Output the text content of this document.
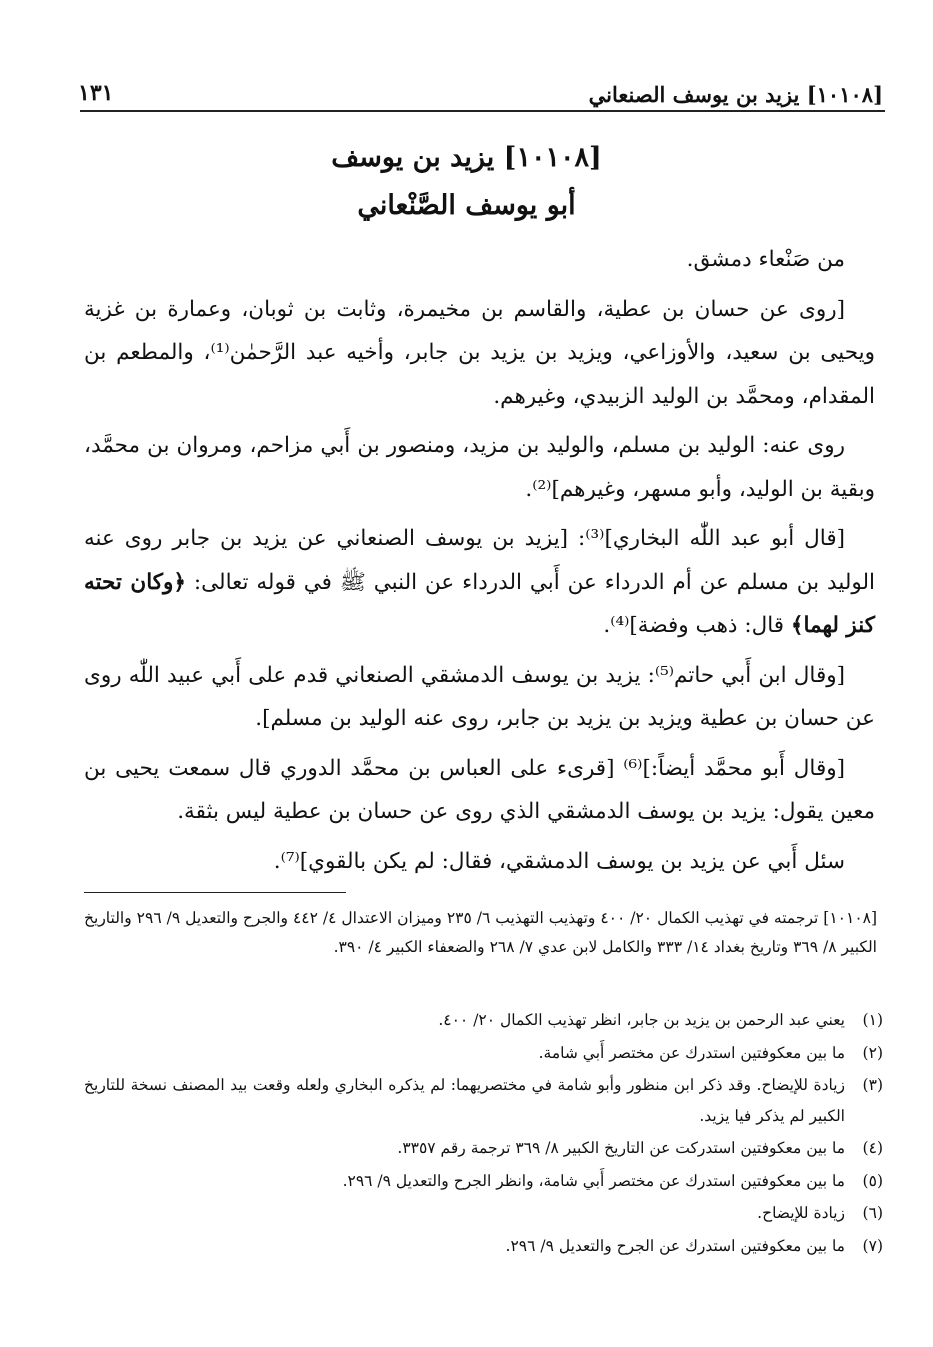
[١٠١٠٨] يزيد بن يوسف الصنعاني
١٣١
[١٠١٠٨] يزيد بن يوسف
أبو يوسف الصَّنْعاني

من صَنْعاء دمشق.

[روى عن حسان بن عطية، والقاسم بن مخيمرة، وثابت بن ثوبان، وعمارة بن غزية ويحيى بن سعيد، والأوزاعي، ويزيد بن يزيد بن جابر، وأخيه عبد الرَّحمٰن⁽¹⁾، والمطعم بن المقدام، ومحمَّد بن الوليد الزبيدي، وغيرهم.

روى عنه: الوليد بن مسلم، والوليد بن مزيد، ومنصور بن أَبي مزاحم، ومروان بن محمَّد، وبقية بن الوليد، وأبو مسهر، وغيرهم]⁽²⁾.

[قال أبو عبد اللّٰه البخاري]⁽³⁾: [يزيد بن يوسف الصنعاني عن يزيد بن جابر روى عنه الوليد بن مسلم عن أم الدرداء عن أَبي الدرداء عن النبي ﷺ في قوله تعالى: ﴿وكان تحته كنز لهما﴾ قال: ذهب وفضة]⁽⁴⁾.

[وقال ابن أَبي حاتم⁽⁵⁾: يزيد بن يوسف الدمشقي الصنعاني قدم على أَبي عبيد اللّٰه روى عن حسان بن عطية ويزيد بن يزيد بن جابر، روى عنه الوليد بن مسلم].

[وقال أَبو محمَّد أيضاً:]⁽⁶⁾ [قرىء على العباس بن محمَّد الدوري قال سمعت يحيى بن معين يقول: يزيد بن يوسف الدمشقي الذي روى عن حسان بن عطية ليس بثقة.

سئل أَبي عن يزيد بن يوسف الدمشقي، فقال: لم يكن بالقوي]⁽⁷⁾.

[١٠١٠٨] ترجمته في تهذيب الكمال ٢٠/ ٤٠٠ وتهذيب التهذيب ٦/ ٢٣٥ وميزان الاعتدال ٤/ ٤٤٢ والجرح والتعديل ٩/ ٢٩٦ والتاريخ الكبير ٨/ ٣٦٩ وتاريخ بغداد ١٤/ ٣٣٣ والكامل لابن عدي ٧/ ٢٦٨ والضعفاء الكبير ٤/ ٣٩٠.
(١)
يعني عبد الرحمن بن يزيد بن جابر، انظر تهذيب الكمال ٢٠/ ٤٠٠.
(٢)
ما بين معكوفتين استدرك عن مختصر أَبي شامة.
(٣)
زيادة للإيضاح. وقد ذكر ابن منظور وأبو شامة في مختصريهما: لم يذكره البخاري ولعله وقعت بيد المصنف نسخة للتاريخ الكبير لم يذكر فيا يزيد.
(٤)
ما بين معكوفتين استدركت عن التاريخ الكبير ٨/ ٣٦٩ ترجمة رقم ٣٣٥٧.
(٥)
ما بين معكوفتين استدرك عن مختصر أَبي شامة، وانظر الجرح والتعديل ٩/ ٢٩٦.
(٦)
زيادة للإيضاح.
(٧)
ما بين معكوفتين استدرك عن الجرح والتعديل ٩/ ٢٩٦.
